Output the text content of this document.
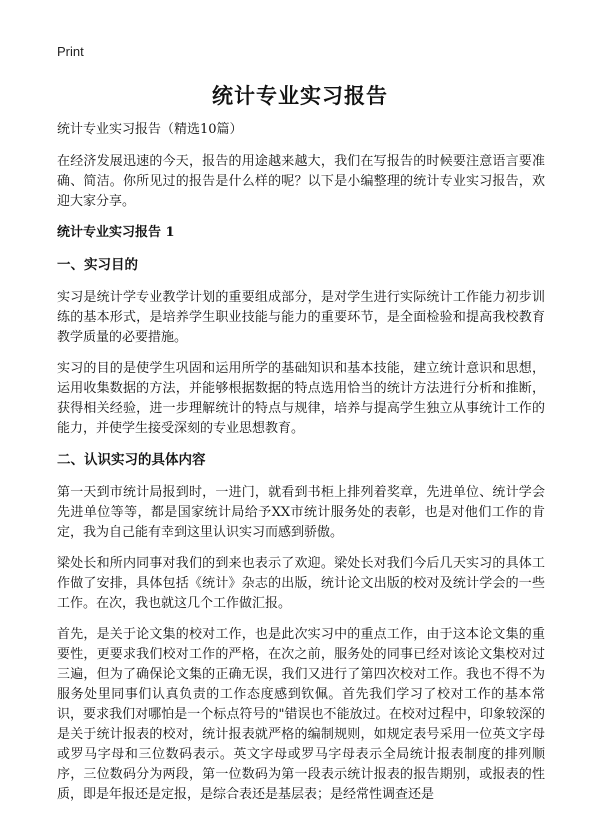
Print
统计专业实习报告
统计专业实习报告（精选10篇）

在经济发展迅速的今天，报告的用途越来越大，我们在写报告的时候要注意语言要准确、简洁。你所见过的报告是什么样的呢？以下是小编整理的统计专业实习报告，欢迎大家分享。

统计专业实习报告 1
一、实习目的

实习是统计学专业教学计划的重要组成部分，是对学生进行实际统计工作能力初步训练的基本形式，是培养学生职业技能与能力的重要环节，是全面检验和提高我校教育教学质量的必要措施。

实习的目的是使学生巩固和运用所学的基础知识和基本技能，建立统计意识和思想，运用收集数据的方法，并能够根据数据的特点选用恰当的统计方法进行分析和推断，获得相关经验，进一步理解统计的特点与规律，培养与提高学生独立从事统计工作的能力，并使学生接受深刻的专业思想教育。

二、认识实习的具体内容

第一天到市统计局报到时，一进门，就看到书柜上排列着奖章，先进单位、统计学会先进单位等等，都是国家统计局给予XX市统计服务处的表彰，也是对他们工作的肯定，我为自己能有幸到这里认识实习而感到骄傲。

梁处长和所内同事对我们的到来也表示了欢迎。梁处长对我们今后几天实习的具体工作做了安排，具体包括《统计》杂志的出版，统计论文出版的校对及统计学会的一些工作。在次，我也就这几个工作做汇报。

首先，是关于论文集的校对工作，也是此次实习中的重点工作，由于这本论文集的重要性，更要求我们校对工作的严格，在次之前，服务处的同事已经对该论文集校对过三遍，但为了确保论文集的正确无误，我们又进行了第四次校对工作。我也不得不为服务处里同事们认真负责的工作态度感到钦佩。首先我们学习了校对工作的基本常识，要求我们对哪怕是一个标点符号的"错误也不能放过。在校对过程中，印象较深的是关于统计报表的校对，统计报表就严格的编制规则，如规定表号采用一位英文字母或罗马字母和三位数码表示。英文字母或罗马字母表示全局统计报表制度的排列顺序，三位数码分为两段，第一位数码为第一段表示统计报表的报告期别，或报表的性质，即是年报还是定报，是综合表还是基层表；是经常性调查还是
